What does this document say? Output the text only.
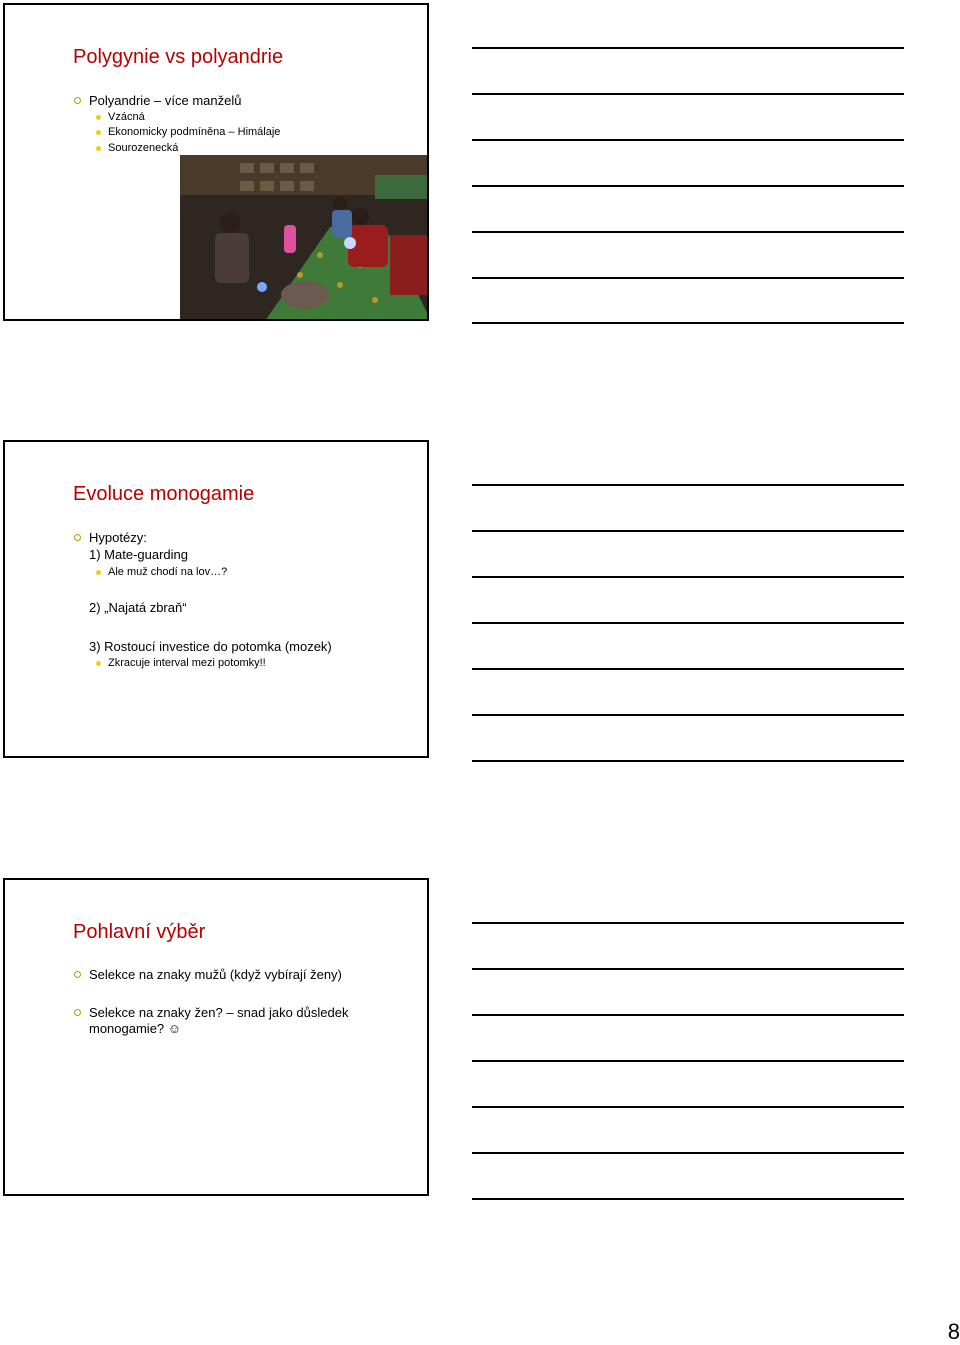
Polygynie vs polyandrie
Polyandrie – více manželů
Vzácná
Ekonomicky podmíněna – Himálaje
Sourozenecká
Evoluce monogamie
Hypotézy:
1) Mate-guarding
Ale muž chodí na lov…?
2) „Najatá zbraň“
3) Rostoucí investice do potomka (mozek)
Zkracuje interval mezi potomky!!
Pohlavní výběr
Selekce na znaky mužů (když vybírají ženy)
Selekce na znaky žen? – snad jako důsledek
monogamie? ☺
8
